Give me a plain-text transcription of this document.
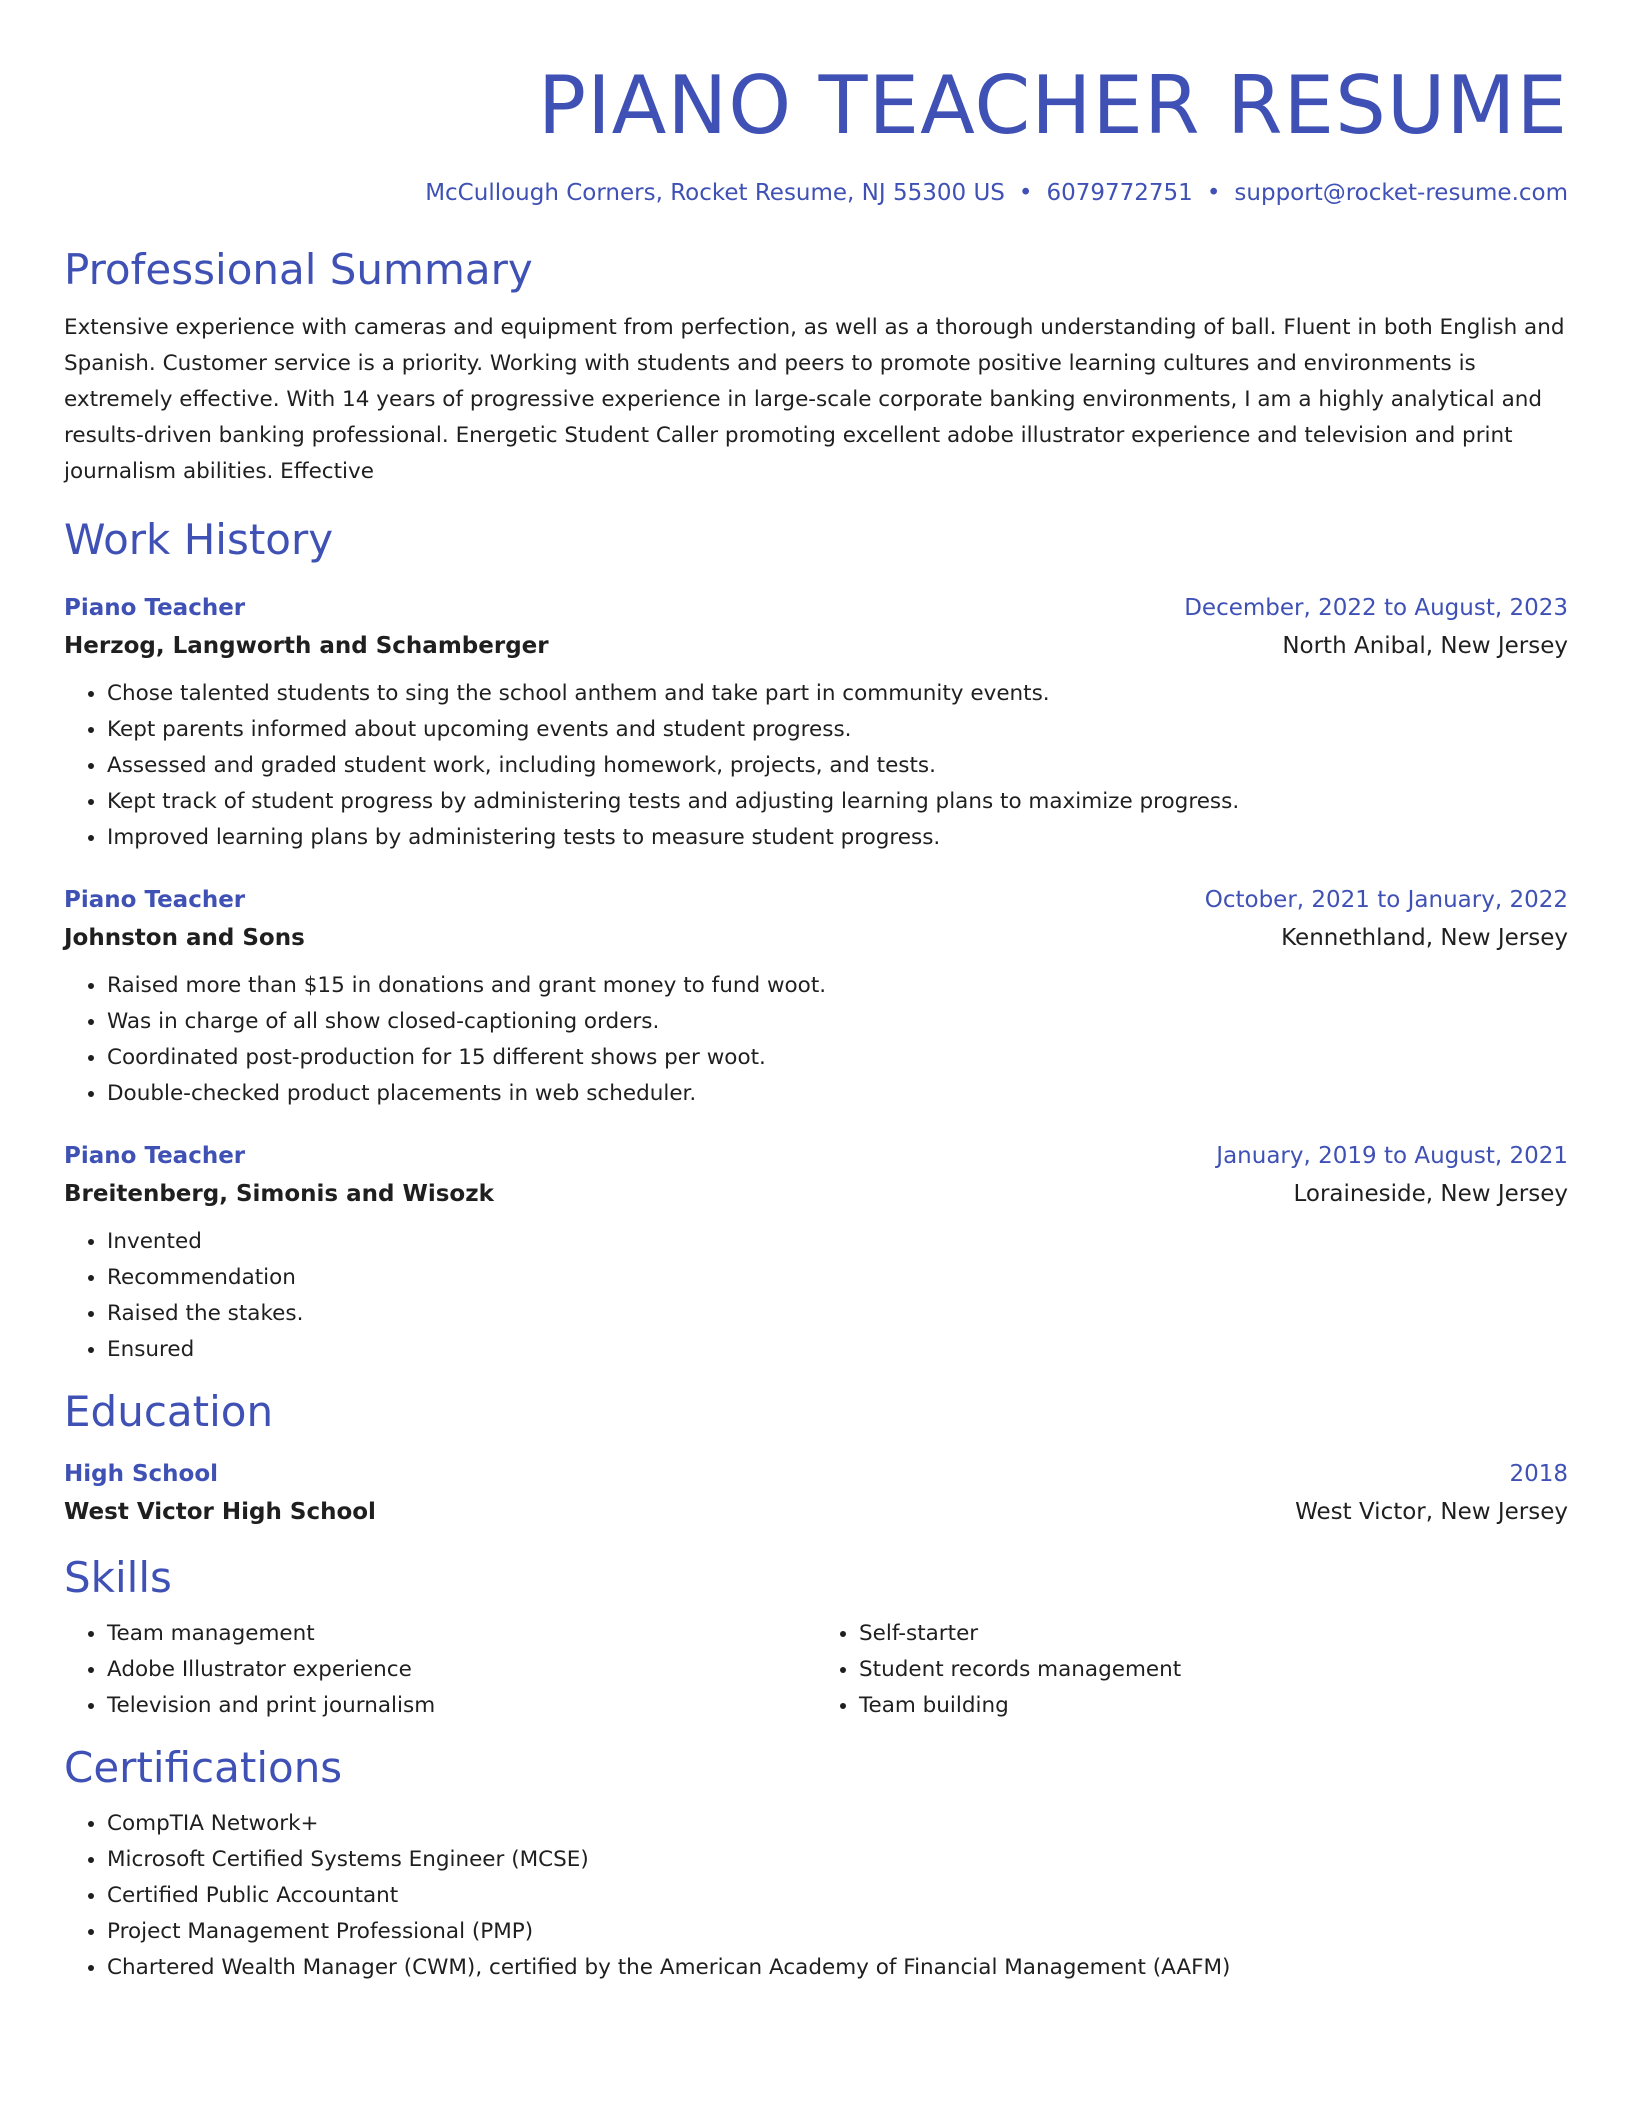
PIANO TEACHER RESUME
McCullough Corners, Rocket Resume, NJ 55300 US • 6079772751 • support@rocket-resume.com
Professional Summary
Extensive experience with cameras and equipment from perfection, as well as a thorough understanding of ball. Fluent in both English and Spanish. Customer service is a priority. Working with students and peers to promote positive learning cultures and environments is extremely effective. With 14 years of progressive experience in large-scale corporate banking environments, I am a highly analytical and results-driven banking professional. Energetic Student Caller promoting excellent adobe illustrator experience and television and print journalism abilities. Effective
Work History
Piano Teacher	December, 2022 to August, 2023
Herzog, Langworth and Schamberger	North Anibal, New Jersey
• Chose talented students to sing the school anthem and take part in community events.
• Kept parents informed about upcoming events and student progress.
• Assessed and graded student work, including homework, projects, and tests.
• Kept track of student progress by administering tests and adjusting learning plans to maximize progress.
• Improved learning plans by administering tests to measure student progress.
Piano Teacher	October, 2021 to January, 2022
Johnston and Sons	Kennethland, New Jersey
• Raised more than $15 in donations and grant money to fund woot.
• Was in charge of all show closed-captioning orders.
• Coordinated post-production for 15 different shows per woot.
• Double-checked product placements in web scheduler.
Piano Teacher	January, 2019 to August, 2021
Breitenberg, Simonis and Wisozk	Loraineside, New Jersey
• Invented
• Recommendation
• Raised the stakes.
• Ensured
Education
High School	2018
West Victor High School	West Victor, New Jersey
Skills
• Team management
• Adobe Illustrator experience
• Television and print journalism
• Self-starter
• Student records management
• Team building
Certifications
• CompTIA Network+
• Microsoft Certified Systems Engineer (MCSE)
• Certified Public Accountant
• Project Management Professional (PMP)
• Chartered Wealth Manager (CWM), certified by the American Academy of Financial Management (AAFM)
